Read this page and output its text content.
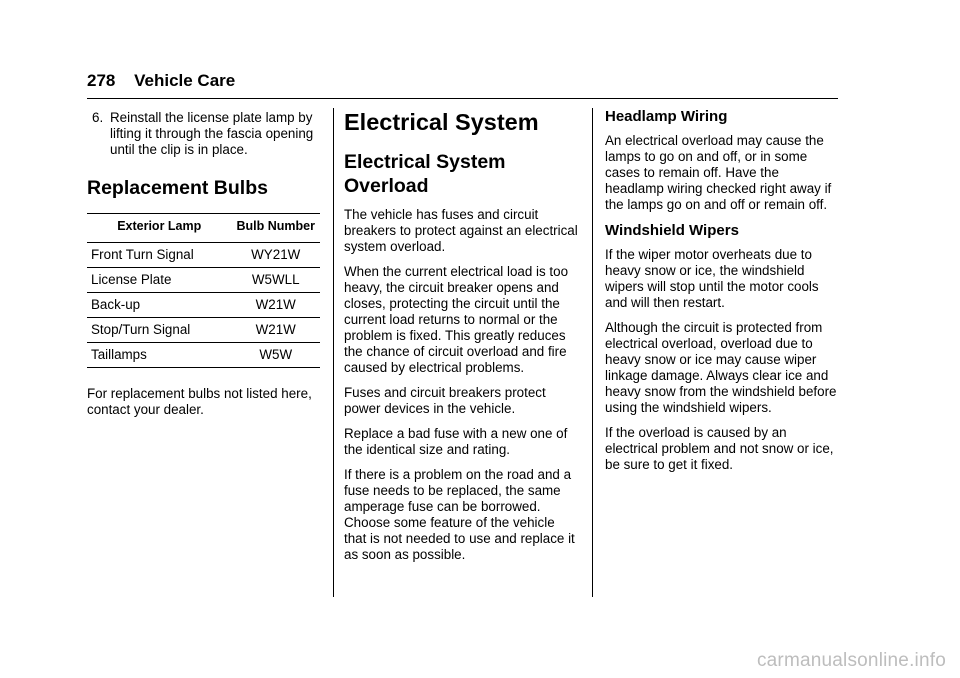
278 Vehicle Care
6. Reinstall the license plate lamp by lifting it through the fascia opening until the clip is in place.
Replacement Bulbs
Exterior Lamp	Bulb Number
Front Turn Signal	WY21W
License Plate	W5WLL
Back-up	W21W
Stop/Turn Signal	W21W
Taillamps	W5W

For replacement bulbs not listed here, contact your dealer.

Electrical System
Electrical System Overload

The vehicle has fuses and circuit breakers to protect against an electrical system overload.

When the current electrical load is too heavy, the circuit breaker opens and closes, protecting the circuit until the current load returns to normal or the problem is fixed. This greatly reduces the chance of circuit overload and fire caused by electrical problems.

Fuses and circuit breakers protect power devices in the vehicle.

Replace a bad fuse with a new one of the identical size and rating.

If there is a problem on the road and a fuse needs to be replaced, the same amperage fuse can be borrowed. Choose some feature of the vehicle that is not needed to use and replace it as soon as possible.

Headlamp Wiring

An electrical overload may cause the lamps to go on and off, or in some cases to remain off. Have the headlamp wiring checked right away if the lamps go on and off or remain off.

Windshield Wipers

If the wiper motor overheats due to heavy snow or ice, the windshield wipers will stop until the motor cools and will then restart.

Although the circuit is protected from electrical overload, overload due to heavy snow or ice may cause wiper linkage damage. Always clear ice and heavy snow from the windshield before using the windshield wipers.

If the overload is caused by an electrical problem and not snow or ice, be sure to get it fixed.

carmanualsonline.info
